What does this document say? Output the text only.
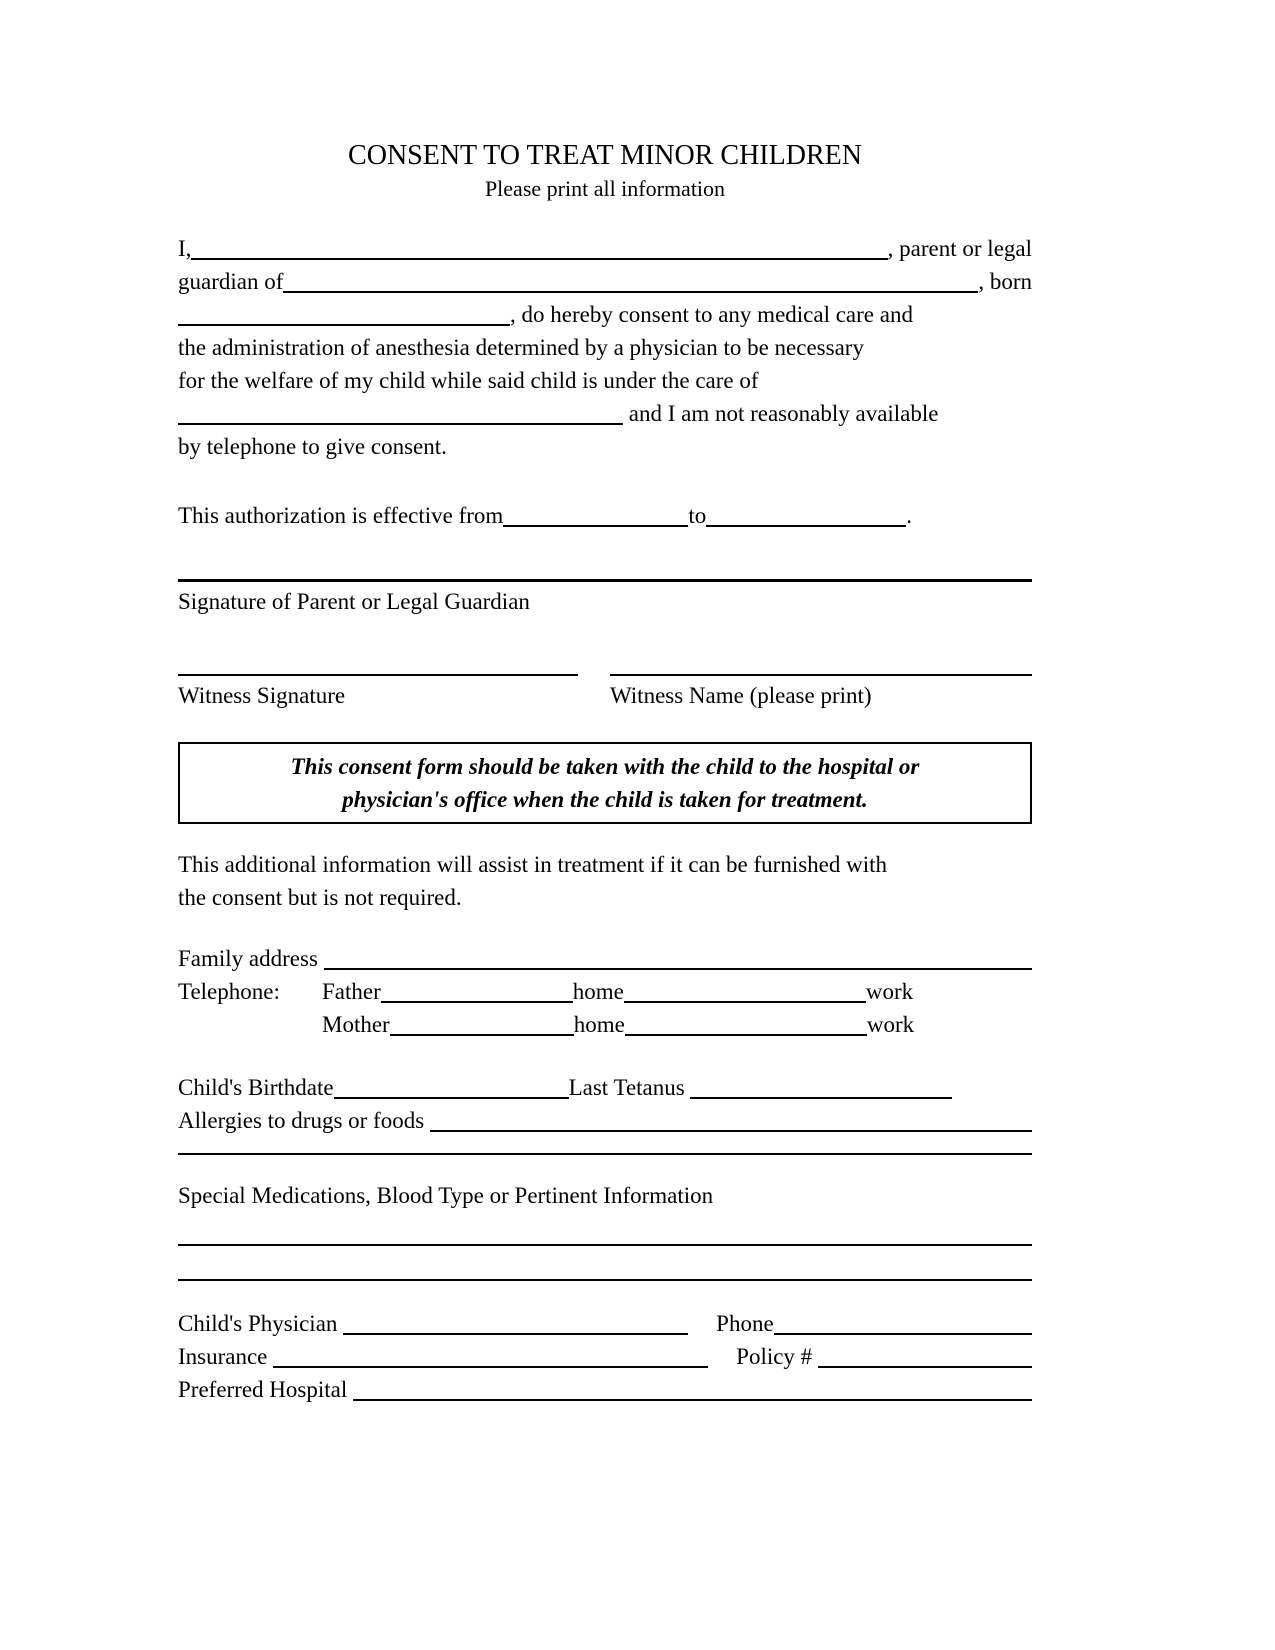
CONSENT TO TREAT MINOR CHILDREN
Please print all information
I,	, parent or legal
guardian of	, born
, do hereby consent to any medical care and
the administration of anesthesia determined by a physician to be necessary
for the welfare of my child while said child is under the care of
and I am not reasonably available
by telephone to give consent.
This authorization is effective from	to	.
Signature of Parent or Legal Guardian
Witness Signature	Witness Name (please print)
This consent form should be taken with the child to the hospital or
physician's office when the child is taken for treatment.
This additional information will assist in treatment if it can be furnished with
the consent but is not required.
Family address
Telephone:	Father	home	work
Mother	home	work
Child's Birthdate	Last Tetanus
Allergies to drugs or foods
Special Medications, Blood Type or Pertinent Information
Child's Physician	Phone
Insurance	Policy #
Preferred Hospital
